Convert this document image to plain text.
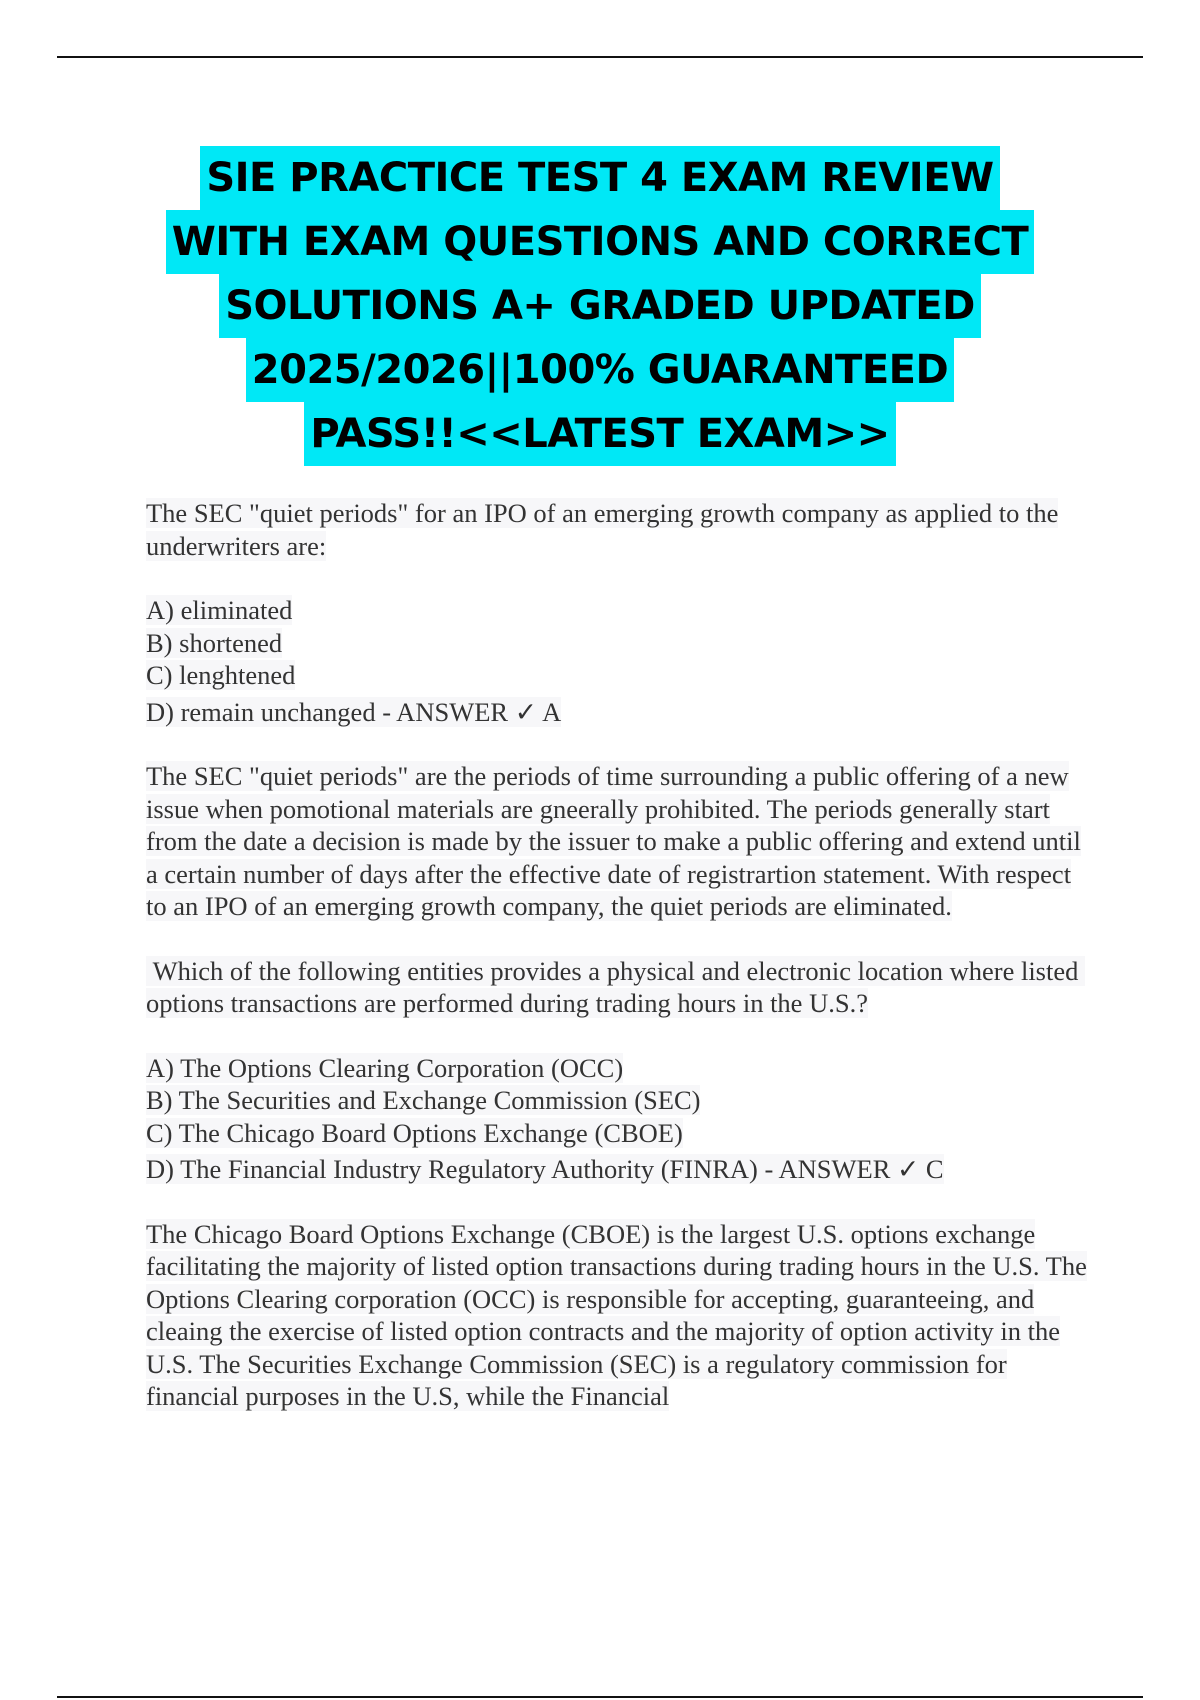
SIE PRACTICE TEST 4 EXAM REVIEW
WITH EXAM QUESTIONS AND CORRECT
SOLUTIONS A+ GRADED UPDATED
2025/2026||100% GUARANTEED
PASS!!<<LATEST EXAM>>

The SEC "quiet periods" for an IPO of an emerging growth company as applied to the underwriters are:

A) eliminated

B) shortened

C) lenghtened

D) remain unchanged - ANSWER ✓ A

The SEC "quiet periods" are the periods of time surrounding a public offering of a new issue when pomotional materials are gneerally prohibited. The periods generally start from the date a decision is made by the issuer to make a public offering and extend until a certain number of days after the effective date of registrartion statement. With respect to an IPO of an emerging growth company, the quiet periods are eliminated.

Which of the following entities provides a physical and electronic location where listed options transactions are performed during trading hours in the U.S.?

A) The Options Clearing Corporation (OCC)

B) The Securities and Exchange Commission (SEC)

C) The Chicago Board Options Exchange (CBOE)

D) The Financial Industry Regulatory Authority (FINRA) - ANSWER ✓ C

The Chicago Board Options Exchange (CBOE) is the largest U.S. options exchange facilitating the majority of listed option transactions during trading hours in the U.S. The Options Clearing corporation (OCC) is responsible for accepting, guaranteeing, and cleaing the exercise of listed option contracts and the majority of option activity in the U.S. The Securities Exchange Commission (SEC) is a regulatory commission for financial purposes in the U.S, while the Financial
